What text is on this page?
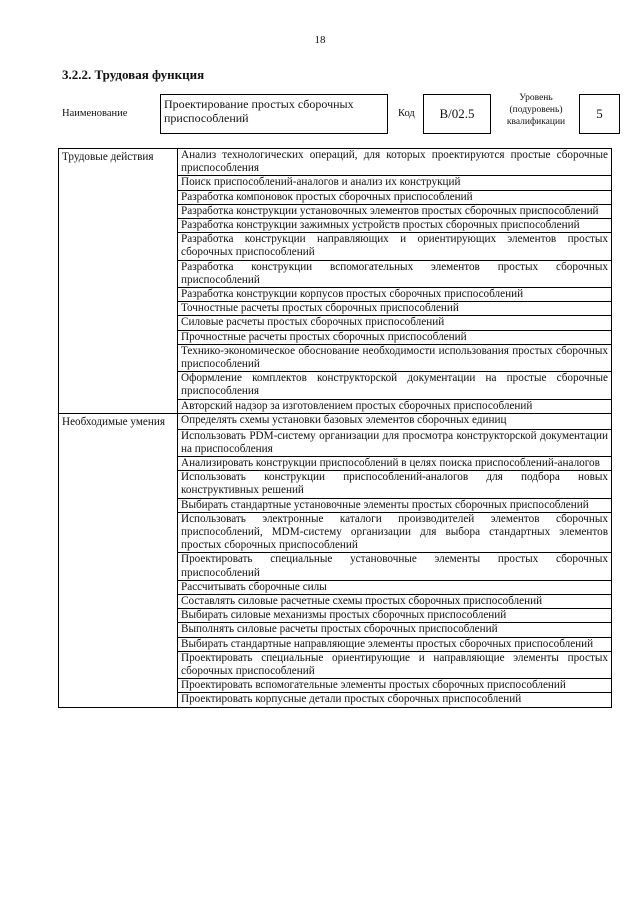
18
3.2.2. Трудовая функция
Наименование
Проектирование простых сборочных приспособлений	Код	B/02.5
Уровень
(подуровень)
квалификации
5
Трудовые действия	Анализ технологических операций, для которых проектируются простые сборочные приспособления
	Поиск приспособлений-аналогов и анализ их конструкций
	Разработка компоновок простых сборочных приспособлений
	Разработка конструкции установочных элементов простых сборочных приспособлений
	Разработка конструкции зажимных устройств простых сборочных приспособлений
	Разработка конструкции направляющих и ориентирующих элементов простых сборочных приспособлений
	Разработка конструкции вспомогательных элементов простых сборочных приспособлений
	Разработка конструкции корпусов простых сборочных приспособлений
	Точностные расчеты простых сборочных приспособлений
	Силовые расчеты простых сборочных приспособлений
	Прочностные расчеты простых сборочных приспособлений
	Технико-экономическое обоснование необходимости использования простых сборочных приспособлений
	Оформление комплектов конструкторской документации на простые сборочные приспособления
	Авторский надзор за изготовлением простых сборочных приспособлений
Необходимые умения	Определять схемы установки базовых элементов сборочных единиц
	Использовать PDM-систему организации для просмотра конструкторской документации на приспособления
	Анализировать конструкции приспособлений в целях поиска приспособлений-аналогов
	Использовать конструкции приспособлений-аналогов для подбора новых конструктивных решений
	Выбирать стандартные установочные элементы простых сборочных приспособлений
	Использовать электронные каталоги производителей элементов сборочных приспособлений, MDM-систему организации для выбора стандартных элементов простых сборочных приспособлений
	Проектировать специальные установочные элементы простых сборочных приспособлений
	Рассчитывать сборочные силы
	Составлять силовые расчетные схемы простых сборочных приспособлений
	Выбирать силовые механизмы простых сборочных приспособлений
	Выполнять силовые расчеты простых сборочных приспособлений
	Выбирать стандартные направляющие элементы простых сборочных приспособлений
	Проектировать специальные ориентирующие и направляющие элементы простых сборочных приспособлений
	Проектировать вспомогательные элементы простых сборочных приспособлений
	Проектировать корпусные детали простых сборочных приспособлений
